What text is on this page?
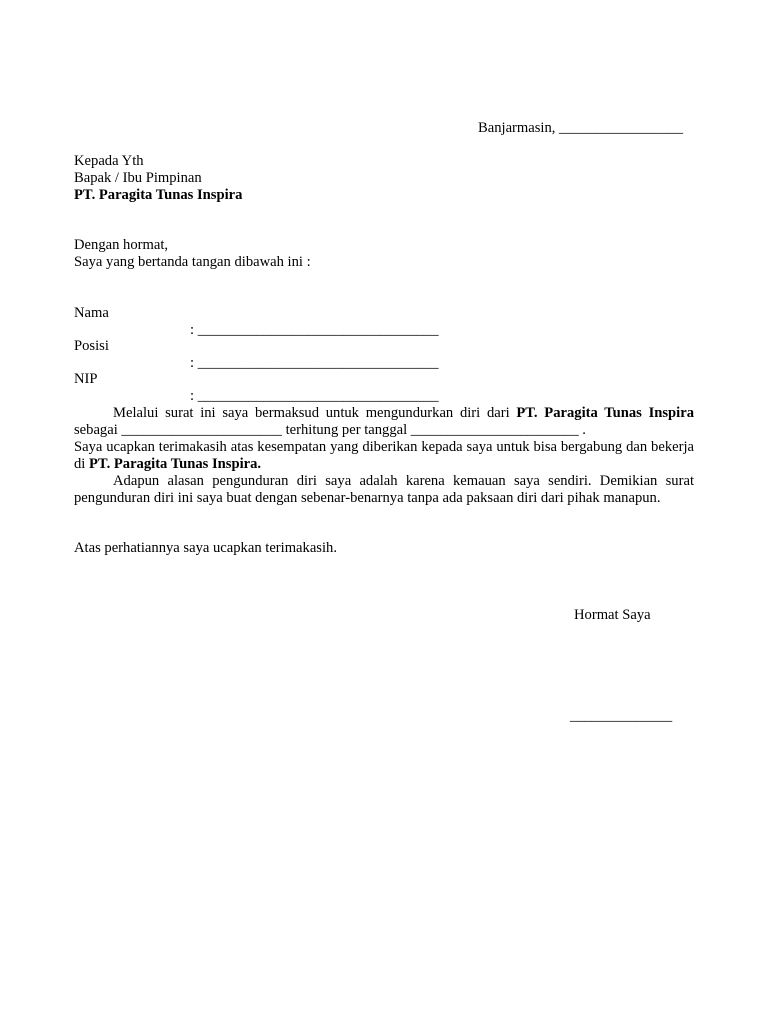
Banjarmasin, _________________
Kepada Yth
Bapak / Ibu Pimpinan
PT. Paragita Tunas Inspira
Dengan hormat,
Saya yang bertanda tangan dibawah ini :

Nama

: _________________________________

Posisi

: _________________________________

NIP

: _________________________________

Melalui surat ini saya bermaksud untuk mengundurkan diri dari PT. Paragita Tunas Inspira
sebagai ______________________ terhitung per tanggal _______________________ .
Saya ucapkan terimakasih atas kesempatan yang diberikan kepada saya untuk bisa bergabung dan bekerja di PT. Paragita Tunas Inspira.
Adapun alasan pengunduran diri saya adalah karena kemauan saya sendiri. Demikian surat pengunduran diri ini saya buat dengan sebenar-benarnya tanpa ada paksaan diri dari pihak manapun.
Atas perhatiannya saya ucapkan terimakasih.
Hormat Saya
______________
